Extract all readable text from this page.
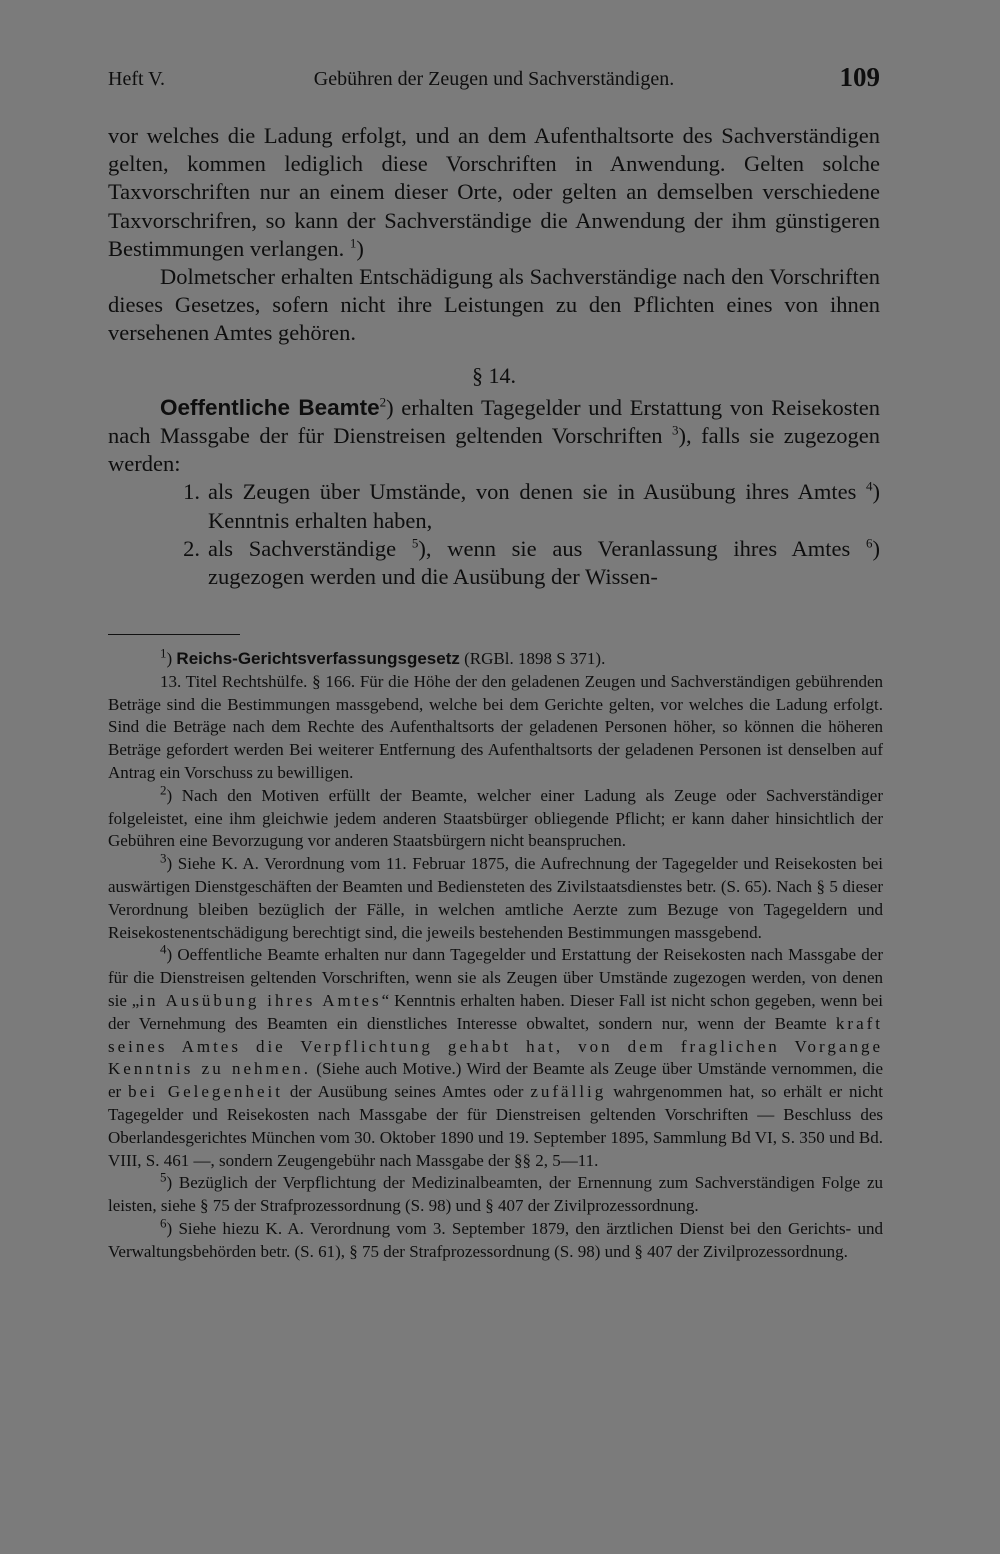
Heft V.	Gebühren der Zeugen und Sachverständigen.	109

vor welches die Ladung erfolgt, und an dem Aufenthaltsorte des Sachverständigen gelten, kommen lediglich diese Vorschriften in Anwendung. Gelten solche Taxvorschriften nur an einem dieser Orte, oder gelten an demselben verschiedene Taxvorschrifren, so kann der Sachverständige die Anwendung der ihm günstigeren Bestimmungen verlangen. $^1$)

Dolmetscher erhalten Entschädigung als Sachverständige nach den Vorschriften dieses Gesetzes, sofern nicht ihre Leistungen zu den Pflichten eines von ihnen versehenen Amtes gehören.

§ 14.

Oeffentliche Beamte$^2$) erhalten Tagegelder und Erstattung von Reisekosten nach Massgabe der für Dienstreisen geltenden Vorschriften $^3$), falls sie zugezogen werden:

1. als Zeugen über Umstände, von denen sie in Ausübung ihres Amtes $^4$) Kenntnis erhalten haben,
2. als Sachverständige $^5$), wenn sie aus Veranlassung ihres Amtes $^6$) zugezogen werden und die Ausübung der Wissen-

$^1$) Reichs-Gerichtsverfassungsgesetz (RGBl. 1898 S 371).

13. Titel Rechtshülfe. § 166. Für die Höhe der den geladenen Zeugen und Sachverständigen gebührenden Beträge sind die Bestimmungen massgebend, welche bei dem Gerichte gelten, vor welches die Ladung erfolgt. Sind die Beträge nach dem Rechte des Aufenthaltsorts der geladenen Personen höher, so können die höheren Beträge gefordert werden Bei weiterer Entfernung des Aufenthaltsorts der geladenen Personen ist denselben auf Antrag ein Vorschuss zu bewilligen.

$^2$) Nach den Motiven erfüllt der Beamte, welcher einer Ladung als Zeuge oder Sachverständiger folgeleistet, eine ihm gleichwie jedem anderen Staatsbürger obliegende Pflicht; er kann daher hinsichtlich der Gebühren eine Bevorzugung vor anderen Staatsbürgern nicht beanspruchen.

$^3$) Siehe K. A. Verordnung vom 11. Februar 1875, die Aufrechnung der Tagegelder und Reisekosten bei auswärtigen Dienstgeschäften der Beamten und Bediensteten des Zivilstaatsdienstes betr. (S. 65). Nach § 5 dieser Verordnung bleiben bezüglich der Fälle, in welchen amtliche Aerzte zum Bezuge von Tagegeldern und Reisekostenentschädigung berechtigt sind, die jeweils bestehenden Bestimmungen massgebend.

$^4$) Oeffentliche Beamte erhalten nur dann Tagegelder und Erstattung der Reisekosten nach Massgabe der für die Dienstreisen geltenden Vorschriften, wenn sie als Zeugen über Umstände zugezogen werden, von denen sie „in Ausübung ihres Amtes“ Kenntnis erhalten haben. Dieser Fall ist nicht schon gegeben, wenn bei der Vernehmung des Beamten ein dienstliches Interesse obwaltet, sondern nur, wenn der Beamte kraft seines Amtes die Verpflichtung gehabt hat, von dem fraglichen Vorgange Kenntnis zu nehmen. (Siehe auch Motive.) Wird der Beamte als Zeuge über Umstände vernommen, die er bei Gelegenheit der Ausübung seines Amtes oder zufällig wahrgenommen hat, so erhält er nicht Tagegelder und Reisekosten nach Massgabe der für Dienstreisen geltenden Vorschriften — Beschluss des Oberlandesgerichtes München vom 30. Oktober 1890 und 19. September 1895, Sammlung Bd VI, S. 350 und Bd. VIII, S. 461 —, sondern Zeugengebühr nach Massgabe der §§ 2, 5—11.

$^5$) Bezüglich der Verpflichtung der Medizinalbeamten, der Ernennung zum Sachverständigen Folge zu leisten, siehe § 75 der Strafprozessordnung (S. 98) und § 407 der Zivilprozessordnung.

$^6$) Siehe hiezu K. A. Verordnung vom 3. September 1879, den ärztlichen Dienst bei den Gerichts- und Verwaltungsbehörden betr. (S. 61), § 75 der Strafprozessordnung (S. 98) und § 407 der Zivilprozessordnung.
